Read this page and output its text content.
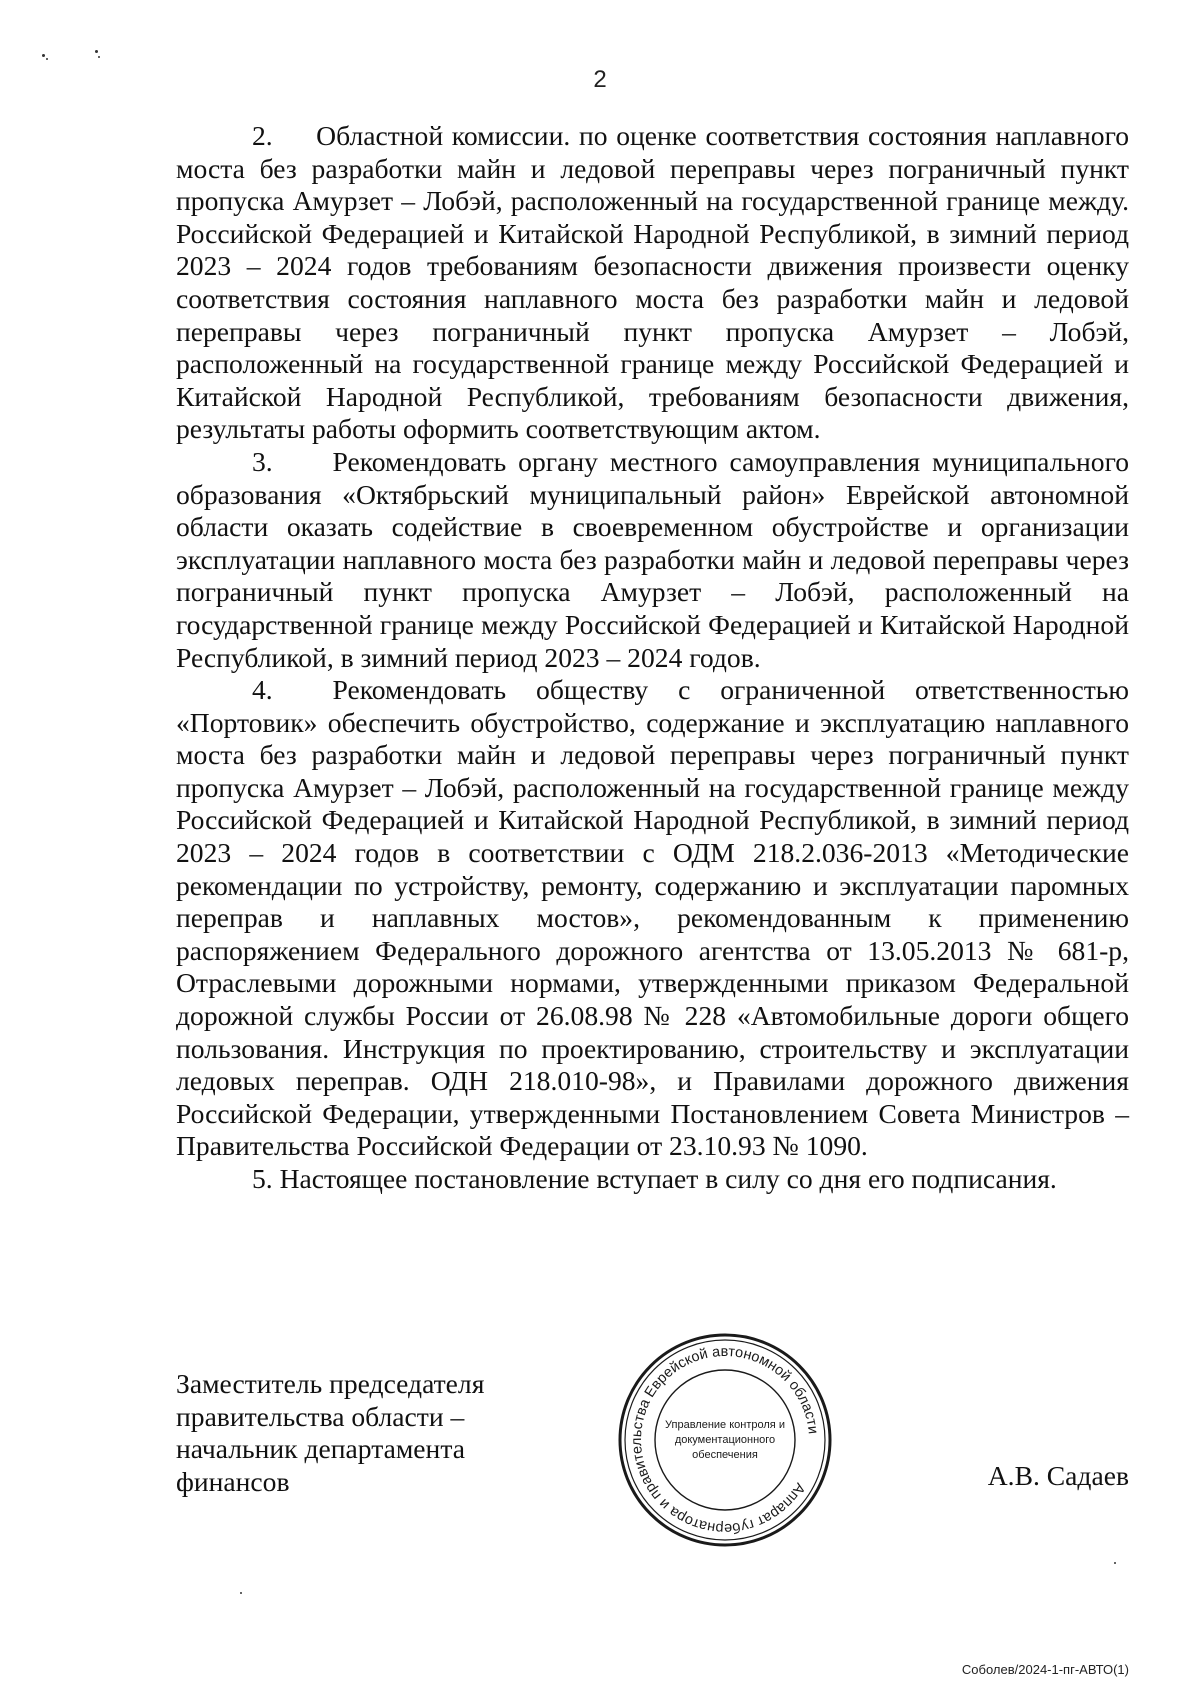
2

2.     Областной комиссии. по оценке соответствия состояния наплавного моста без разработки майн и ледовой переправы через пограничный пункт пропуска Амурзет – Лобэй, расположенный на государственной границе между. Российской Федерацией и Китайской Народной Республикой, в зимний период 2023 – 2024 годов требованиям безопасности движения произвести оценку соответствия состояния наплавного моста без разработки майн и ледовой переправы через пограничный пункт пропуска Амурзет – Лобэй, расположенный на государственной границе между Российской Федерацией и Китайской Народной Республикой, требованиям безопасности движения, результаты работы оформить соответствующим актом.

3.     Рекомендовать органу местного самоуправления муниципального образования «Октябрьский муниципальный район» Еврейской автономной области оказать содействие в своевременном обустройстве и организации эксплуатации наплавного моста без разработки майн и ледовой переправы через пограничный пункт пропуска Амурзет – Лобэй, расположенный на государственной границе между Российской Федерацией и Китайской Народной Республикой, в зимний период 2023 – 2024 годов.

4.  Рекомендовать обществу с ограниченной ответственностью «Портовик» обеспечить обустройство, содержание и эксплуатацию наплавного моста без разработки майн и ледовой переправы через пограничный пункт пропуска Амурзет – Лобэй, расположенный на государственной границе между Российской Федерацией и Китайской Народной Республикой, в зимний период 2023 – 2024 годов в соответствии с ОДМ 218.2.036-2013 «Методические рекомендации по устройству, ремонту, содержанию и эксплуатации паромных переправ и наплавных мостов», рекомендованным к применению распоряжением Федерального дорожного агентства от 13.05.2013 № 681-р, Отраслевыми дорожными нормами, утвержденными приказом Федеральной дорожной службы России от 26.08.98 № 228 «Автомобильные дороги общего пользования. Инструкция по проектированию, строительству и эксплуатации ледовых переправ. ОДН 218.010-98», и Правилами дорожного движения Российской Федерации, утвержденными Постановлением Совета Министров – Правительства Российской Федерации от 23.10.93 № 1090.

5. Настоящее постановление вступает в силу со дня его подписания.

Заместитель председателя
правительства области –
начальник департамента
финансов	Аппарат губернатора и правительства Еврейской автономной области
Управление контроля и
документационного
обеспечения
А.В. Садаев
Соболев/2024-1-пг-АВТО(1)
